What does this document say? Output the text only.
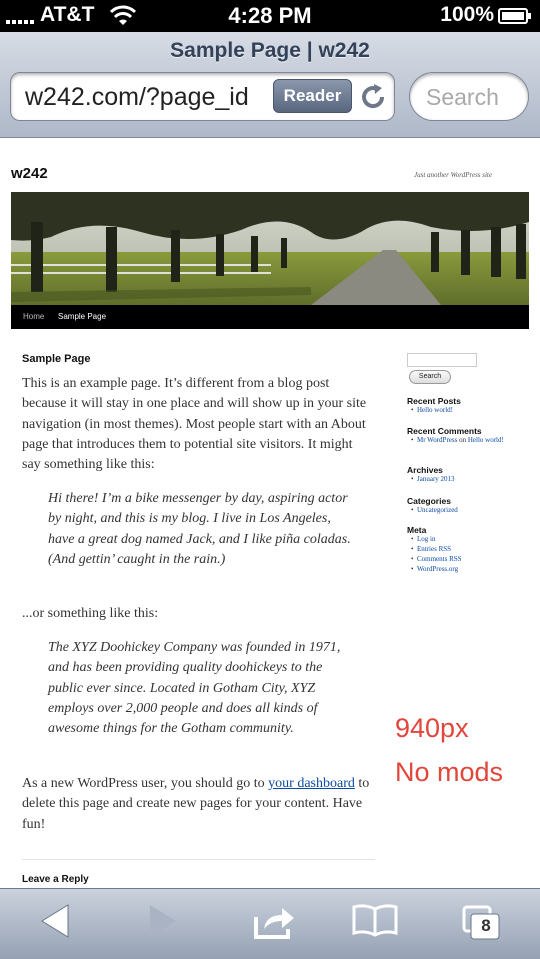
AT&T	4:28 PM	100%
Sample Page | w242
w242.com/?page_id	Reader	Search
w242	Just another WordPress site
Home Sample Page
Sample Page
This is an example page. It’s different from a blog post because it will stay in one place and will show up in your site navigation (in most themes). Most people start with an About page that introduces them to potential site visitors. It might say something like this:
Hi there! I’m a bike messenger by day, aspiring actor by night, and this is my blog. I live in Los Angeles, have a great dog named Jack, and I like piña coladas. (And gettin’ caught in the rain.)
...or something like this:
The XYZ Doohickey Company was founded in 1971, and has been providing quality doohickeys to the public ever since. Located in Gotham City, XYZ employs over 2,000 people and does all kinds of awesome things for the Gotham community.
As a new WordPress user, you should go to your dashboard to delete this page and create new pages for your content. Have fun!
Leave a Reply
Search
Recent Posts
• Hello world!
Recent Comments
• Mr WordPress on Hello world!
Archives
• January 2013
Categories
• Uncategorized
Meta
• Log in
• Entries RSS
• Comments RSS
• WordPress.org
940px
No mods
8
